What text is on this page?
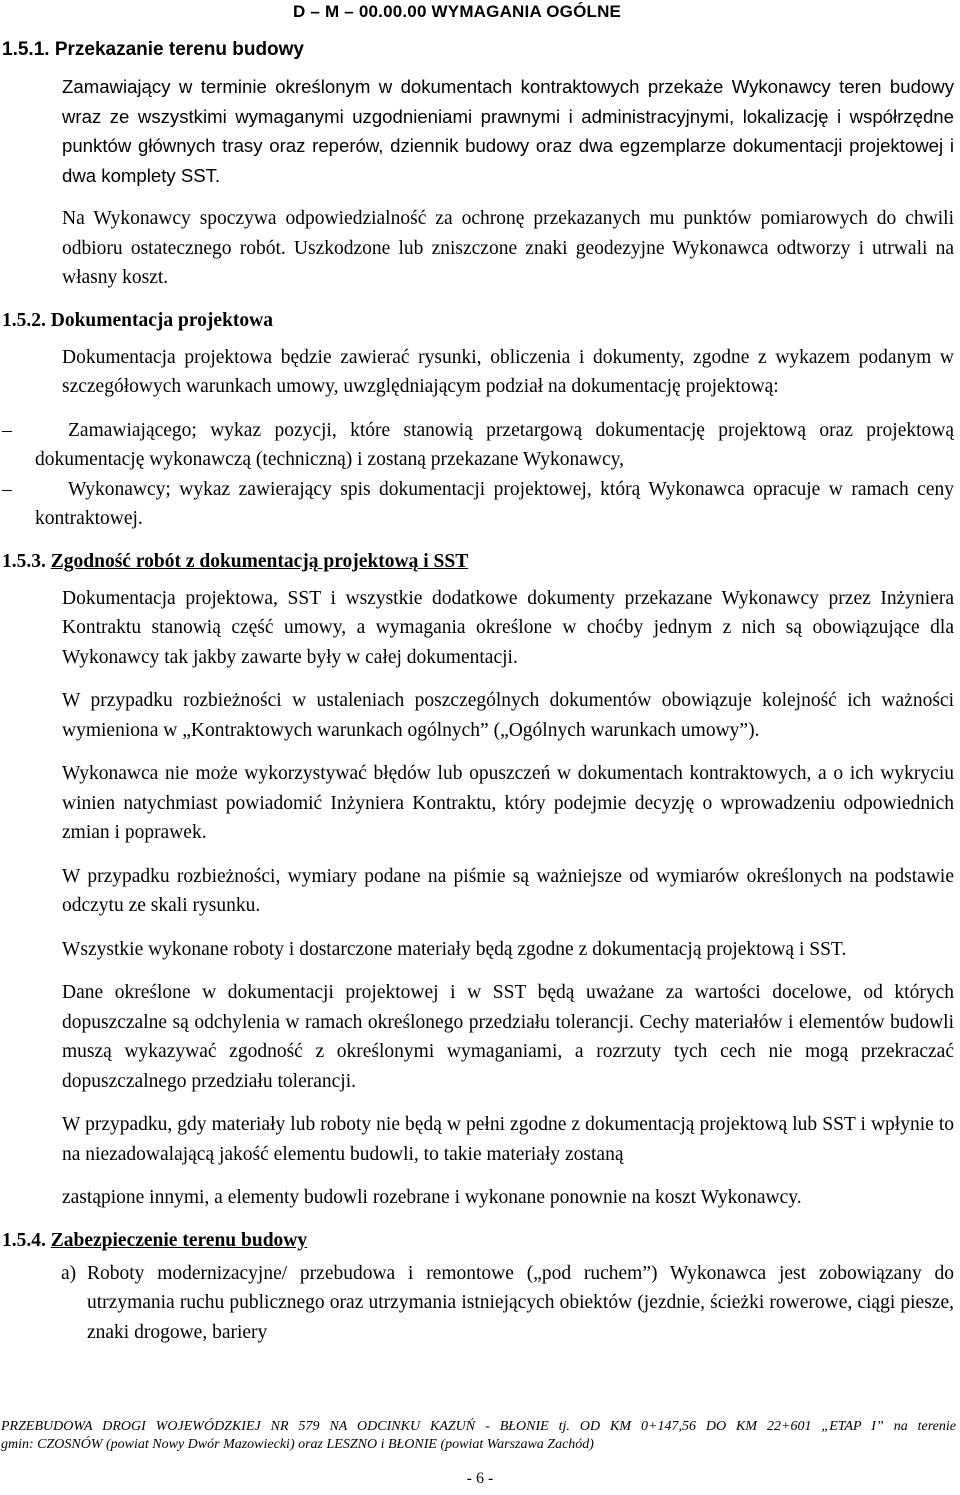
D – M – 00.00.00 WYMAGANIA OGÓLNE
1.5.1. Przekazanie terenu budowy

Zamawiający w terminie określonym w dokumentach kontraktowych przekaże Wykonawcy teren budowy wraz ze wszystkimi wymaganymi uzgodnieniami prawnymi i administracyjnymi, lokalizację i współrzędne punktów głównych trasy oraz reperów, dziennik budowy oraz dwa egzemplarze dokumentacji projektowej i dwa komplety SST.

Na Wykonawcy spoczywa odpowiedzialność za ochronę przekazanych mu punktów pomiarowych do chwili odbioru ostatecznego robót. Uszkodzone lub zniszczone znaki geodezyjne Wykonawca odtworzy i utrwali na własny koszt.

1.5.2. Dokumentacja projektowa

Dokumentacja projektowa będzie zawierać rysunki, obliczenia i dokumenty, zgodne z wykazem podanym w szczegółowych warunkach umowy, uwzględniającym podział na dokumentację projektową:

–	Zamawiającego; wykaz pozycji, które stanowią przetargową dokumentację projektową oraz projektową dokumentację wykonawczą (techniczną) i zostaną przekazane Wykonawcy,

–	Wykonawcy; wykaz zawierający spis dokumentacji projektowej, którą Wykonawca opracuje w ramach ceny kontraktowej.

1.5.3. Zgodność robót z dokumentacją projektową i SST

Dokumentacja projektowa, SST i wszystkie dodatkowe dokumenty przekazane Wykonawcy przez Inżyniera Kontraktu stanowią część umowy, a wymagania określone w choćby jednym z nich są obowiązujące dla Wykonawcy tak jakby zawarte były w całej dokumentacji.

W przypadku rozbieżności w ustaleniach poszczególnych dokumentów obowiązuje kolejność ich ważności wymieniona w „Kontraktowych warunkach ogólnych” („Ogólnych warunkach umowy”).

Wykonawca nie może wykorzystywać błędów lub opuszczeń w dokumentach kontraktowych, a o ich wykryciu winien natychmiast powiadomić Inżyniera Kontraktu, który podejmie decyzję o wprowadzeniu odpowiednich zmian i poprawek.

W przypadku rozbieżności, wymiary podane na piśmie są ważniejsze od wymiarów określonych na podstawie odczytu ze skali rysunku.

Wszystkie wykonane roboty i dostarczone materiały będą zgodne z dokumentacją projektową i SST.

Dane określone w dokumentacji projektowej i w SST będą uważane za wartości docelowe, od których dopuszczalne są odchylenia w ramach określonego przedziału tolerancji. Cechy materiałów i elementów budowli muszą wykazywać zgodność z określonymi wymaganiami, a rozrzuty tych cech nie mogą przekraczać dopuszczalnego przedziału tolerancji.

W przypadku, gdy materiały lub roboty nie będą w pełni zgodne z dokumentacją projektową lub SST i wpłynie to na niezadowalającą jakość elementu budowli, to takie materiały zostaną

zastąpione innymi, a elementy budowli rozebrane i wykonane ponownie na koszt Wykonawcy.

1.5.4. Zabezpieczenie terenu budowy

a) Roboty modernizacyjne/ przebudowa i remontowe („pod ruchem”) Wykonawca jest zobowiązany do utrzymania ruchu publicznego oraz utrzymania istniejących obiektów (jezdnie, ścieżki rowerowe, ciągi piesze, znaki drogowe, bariery

PRZEBUDOWA DROGI WOJEWÓDZKIEJ NR 579 NA ODCINKU KAZUŃ - BŁONIE tj. OD KM 0+147,56 DO KM 22+601 „ETAP I” na terenie
gmin: CZOSNÓW (powiat Nowy Dwór Mazowiecki) oraz LESZNO i BŁONIE (powiat Warszawa Zachód)
- 6 -
